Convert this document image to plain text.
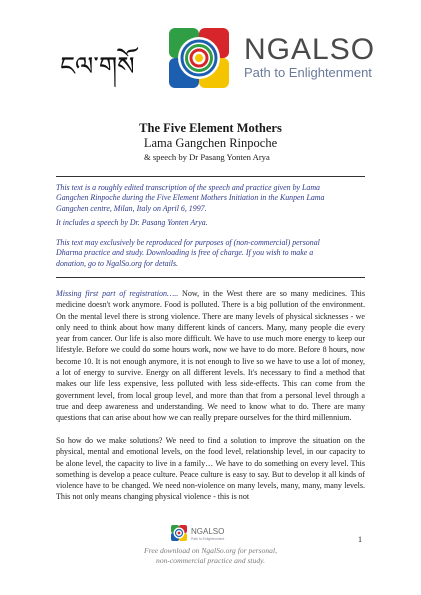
ངལ་གསོ
NGALSO
Path to Enlightenment
The Five Element Mothers
Lama Gangchen Rinpoche
& speech by Dr Pasang Yonten Arya
This text is a roughly edited transcription of the speech and practice given by Lama
Gangchen Rinpoche during the Five Element Mothers Initiation in the Kunpen Lama
Gangchen centre, Milan, Italy on April 6, 1997.
It includes a speech by Dr. Pasang Yonten Arya.
This text may exclusively be reproduced for purposes of (non-commercial) personal
Dharma practice and study. Downloading is free of charge. If you wish to make a
donation, go to NgalSo.org for details.

Missing first part of registration….. Now, in the West there are so many medicines. This medicine doesn't work anymore. Food is polluted. There is a big pollution of the environment. On the mental level there is strong violence. There are many levels of physical sicknesses - we only need to think about how many different kinds of cancers. Many, many people die every year from cancer. Our life is also more difficult. We have to use much more energy to keep our lifestyle. Before we could do some hours work, now we have to do more. Before 8 hours, now become 10. It is not enough anymore, it is not enough to live so we have to use a lot of money, a lot of energy to survive. Energy on all different levels. It's necessary to find a method that makes our life less expensive, less polluted with less side-effects. This can come from the government level, from local group level, and more than that from a personal level through a true and deep awareness and understanding. We need to know what to do. There are many questions that can arise about how we can really prepare ourselves for the third millennium.

So how do we make solutions? We need to find a solution to improve the situation on the physical, mental and emotional levels, on the food level, relationship level, in our capacity to be alone level, the capacity to live in a family… We have to do something on every level. This something is develop a peace culture. Peace culture is easy to say. But to develop it all kinds of violence have to be changed. We need non-violence on many levels, many, many, many levels. This not only means changing physical violence - this is not

1
NGALSO
Path to Enlightenment
Free download on NgalSo.org for personal,
non-commercial practice and study.
